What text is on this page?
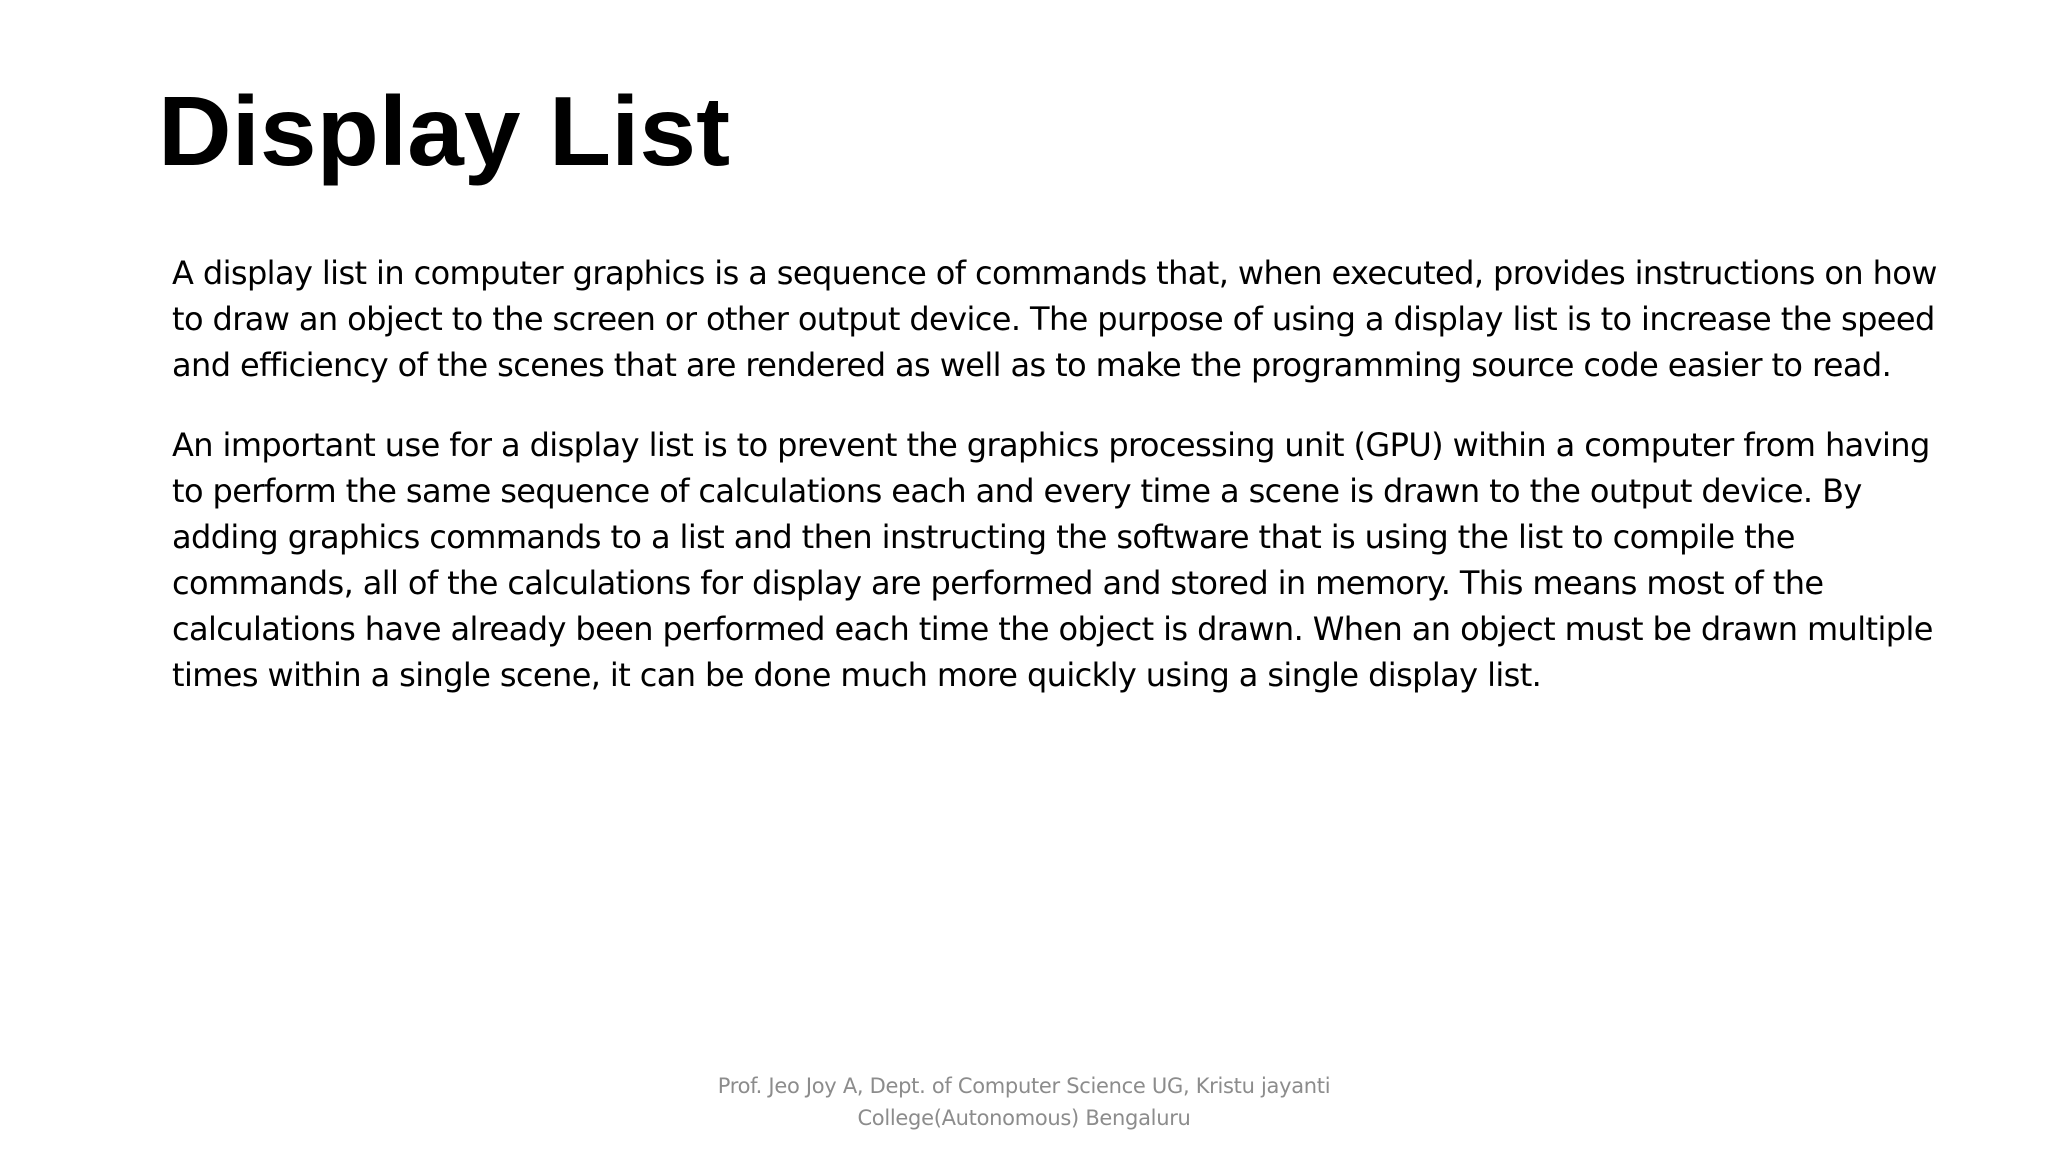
Display List

A display list in computer graphics is a sequence of commands that, when executed, provides instructions on how to draw an object to the screen or other output device. The purpose of using a display list is to increase the speed and efficiency of the scenes that are rendered as well as to make the programming source code easier to read.

An important use for a display list is to prevent the graphics processing unit (GPU) within a computer from having to perform the same sequence of calculations each and every time a scene is drawn to the output device. By adding graphics commands to a list and then instructing the software that is using the list to compile the commands, all of the calculations for display are performed and stored in memory. This means most of the calculations have already been performed each time the object is drawn. When an object must be drawn multiple times within a single scene, it can be done much more quickly using a single display list.

Prof. Jeo Joy A, Dept. of Computer Science UG, Kristu jayanti
College(Autonomous) Bengaluru
